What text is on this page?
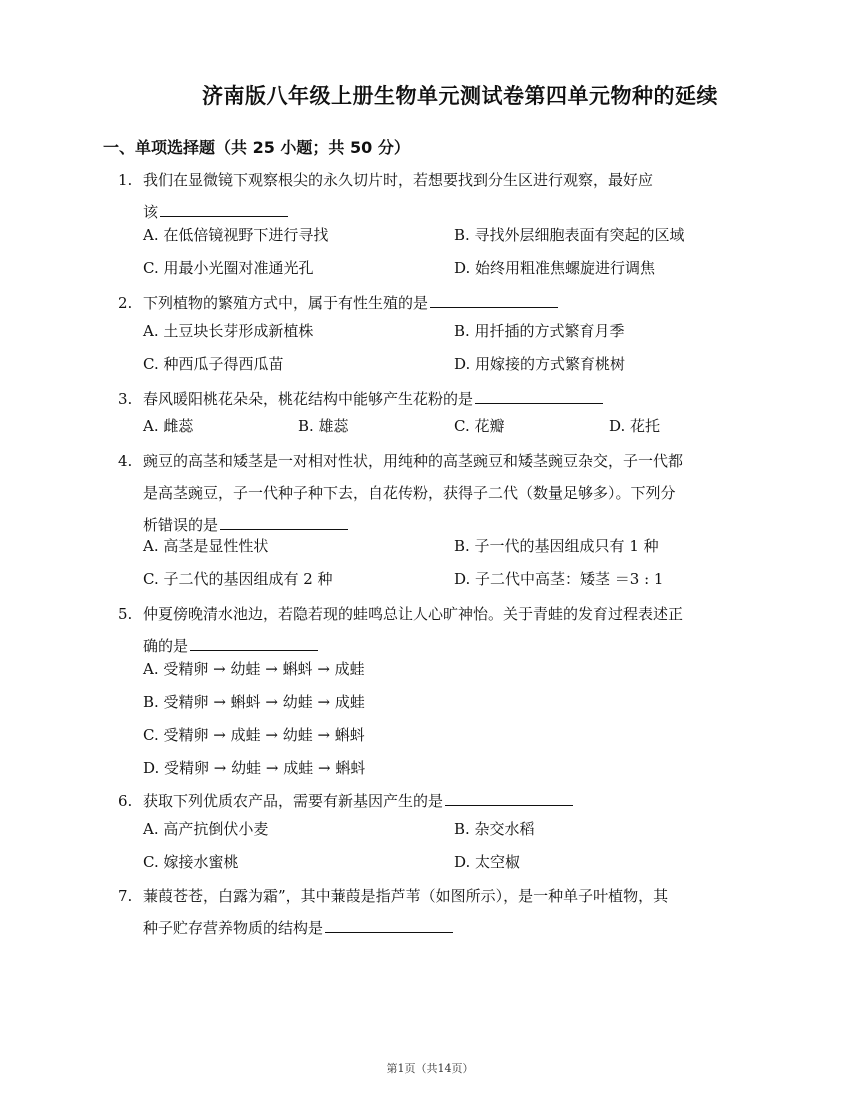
济南版八年级上册生物单元测试卷第四单元物种的延续
一、单项选择题（共 25 小题；共 50 分）
1. 我们在显微镜下观察根尖的永久切片时，若想要找到分生区进行观察，最好应
该
A. 在低倍镜视野下进行寻找	B. 寻找外层细胞表面有突起的区域
C. 用最小光圈对准通光孔	D. 始终用粗准焦螺旋进行调焦
2. 下列植物的繁殖方式中，属于有性生殖的是
A. 土豆块长芽形成新植株	B. 用扦插的方式繁育月季
C. 种西瓜子得西瓜苗	D. 用嫁接的方式繁育桃树
3. 春风暖阳桃花朵朵，桃花结构中能够产生花粉的是
A. 雌蕊	B. 雄蕊	C. 花瓣	D. 花托
4. 豌豆的高茎和矮茎是一对相对性状，用纯种的高茎豌豆和矮茎豌豆杂交，子一代都
是高茎豌豆，子一代种子种下去，自花传粉，获得子二代（数量足够多）。下列分
析错误的是
A. 高茎是显性性状	B. 子一代的基因组成只有 1 种
C. 子二代的基因组成有 2 种	D. 子二代中高茎：矮茎 ＝3 : 1
5. 仲夏傍晚清水池边，若隐若现的蛙鸣总让人心旷神怡。关于青蛙的发育过程表述正
确的是
A. 受精卵 → 幼蛙 → 蝌蚪 → 成蛙
B. 受精卵 → 蝌蚪 → 幼蛙 → 成蛙
C. 受精卵 → 成蛙 → 幼蛙 → 蝌蚪
D. 受精卵 → 幼蛙 → 成蛙 → 蝌蚪
6. 获取下列优质农产品，需要有新基因产生的是
A. 高产抗倒伏小麦	B. 杂交水稻
C. 嫁接水蜜桃	D. 太空椒
7. 蒹葭苍苍，白露为霜”，其中蒹葭是指芦苇（如图所示），是一种单子叶植物，其
种子贮存营养物质的结构是
第1页（共14页）
